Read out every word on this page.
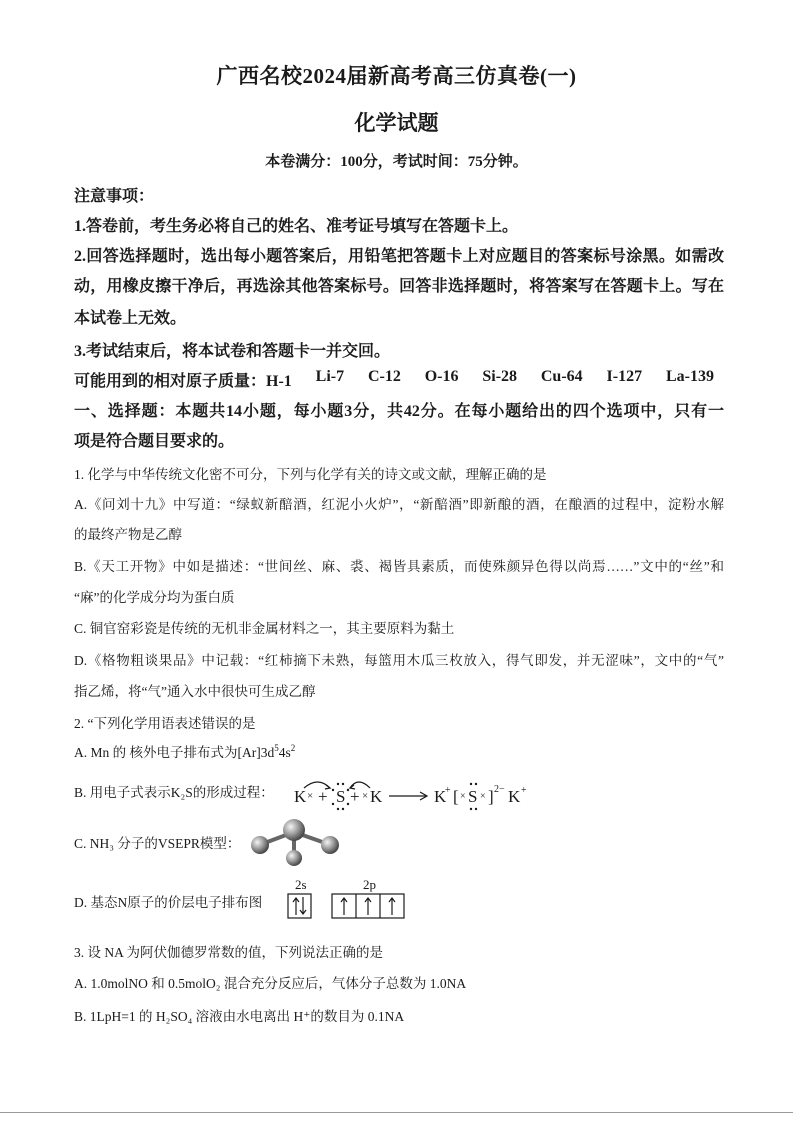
广西名校2024届新高考高三仿真卷(一)
化学试题
本卷满分：100分，考试时间：75分钟。
注意事项：
1.答卷前，考生务必将自己的姓名、准考证号填写在答题卡上。
2.回答选择题时，选出每小题答案后，用铅笔把答题卡上对应题目的答案标号涂黑。如需改
动，用橡皮擦干净后，再选涂其他答案标号。回答非选择题时，将答案写在答题卡上。写在
本试卷上无效。
3.考试结束后，将本试卷和答题卡一并交回。
可能用到的相对原子质量：H-1 Li-7 C-12 O-16 Si-28 Cu-64 I-127 La-139
一、选择题：本题共14小题，每小题3分，共42分。在每小题给出的四个选项中，只有一
项是符合题目要求的。
1. 化学与中华传统文化密不可分，下列与化学有关的诗文或文献，理解正确的是
A.《问刘十九》中写道：“绿蚁新醅酒，红泥小火炉”，“新醅酒”即新酿的酒，在酿酒的过程中，淀粉水解
的最终产物是乙醇
B.《天工开物》中如是描述：“世间丝、麻、裘、褐皆具素质，而使殊颜异色得以尚焉……”文中的“丝”和
“麻”的化学成分均为蛋白质
C. 铜官窑彩瓷是传统的无机非金属材料之一，其主要原料为黏土
D.《格物粗谈果品》中记载：“红柿摘下未熟，每篮用木瓜三枚放入，得气即发，并无涩味”，文中的“气”
指乙烯，将“气”通入水中很快可生成乙醇
2. “下列化学用语表述错误的是
A. Mn 的 核外电子排布式为$[Ar]3d^54s^2$
B. 用电子式表示K₂S的形成过程：	K × + S + × K	K
+ [ × S × ] 2− K +
C. NH₃ 分子的VSEPR模型：
D. 基态N原子的价层电子排布图
2s	2p
3. 设 NA 为阿伏伽德罗常数的值，下列说法正确的是
A. 1.0molNO 和 0.5molO₂ 混合充分反应后，气体分子总数为 1.0NA
B. 1LpH=1 的 H₂SO₄ 溶液由水电离出 H⁺的数目为 0.1NA
